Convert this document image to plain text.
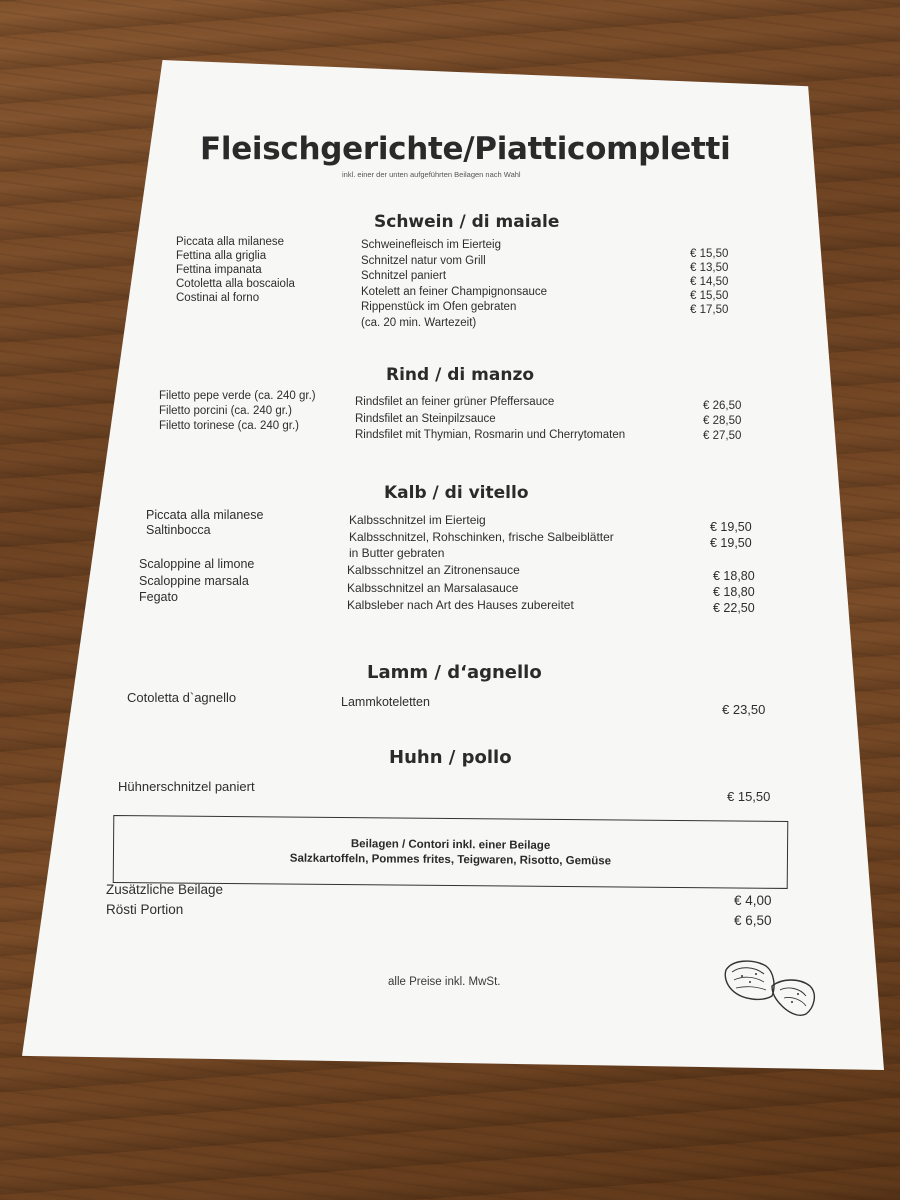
Fleischgerichte/Piatticompletti
inkl. einer der unten aufgeführten Beilagen nach Wahl
Schwein / di maiale
Piccata alla milanese
Fettina alla griglia
Fettina impanata
Cotoletta alla boscaiola
Costinai al forno
Schweinefleisch im Eierteig
Schnitzel natur vom Grill
Schnitzel paniert
Kotelett an feiner Champignonsauce
Rippenstück im Ofen gebraten
(ca. 20 min. Wartezeit)
€ 15,50
€ 13,50
€ 14,50
€ 15,50
€ 17,50
Rind / di manzo
Filetto pepe verde (ca. 240 gr.)
Filetto porcini (ca. 240 gr.)
Filetto torinese (ca. 240 gr.)
Rindsfilet an feiner grüner Pfeffersauce
Rindsfilet an Steinpilzsauce
Rindsfilet mit Thymian, Rosmarin und Cherrytomaten
€ 26,50
€ 28,50
€ 27,50
Kalb / di vitello
Piccata alla milanese
Saltinbocca
Scaloppine al limone
Scaloppine marsala
Fegato
Kalbsschnitzel im Eierteig
Kalbsschnitzel, Rohschinken, frische Salbeiblätter
in Butter gebraten
Kalbsschnitzel an Zitronensauce
Kalbsschnitzel an Marsalasauce
Kalbsleber nach Art des Hauses zubereitet
€ 19,50
€ 19,50
€ 18,80
€ 18,80
€ 22,50
Lamm / d‘agnello
Cotoletta d`agnello	Lammkoteletten	€ 23,50
Huhn / pollo
Hühnerschnitzel paniert
€ 15,50
Beilagen / Contori inkl. einer Beilage
Salzkartoffeln, Pommes frites, Teigwaren, Risotto, Gemüse
Zusätzliche Beilage
Rösti Portion
€ 4,00
€ 6,50
alle Preise inkl. MwSt.
